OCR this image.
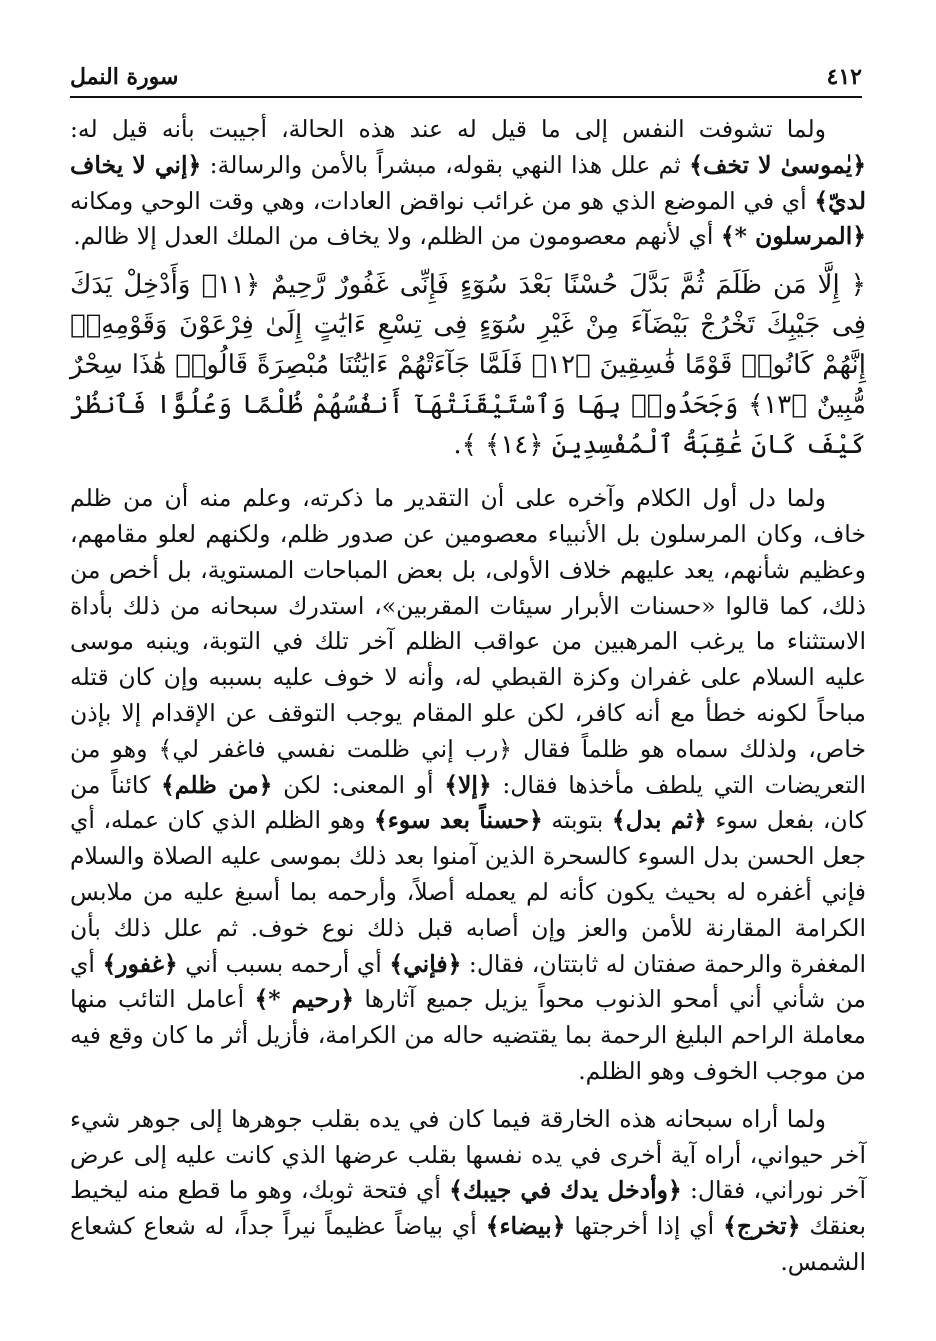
٤١٢
سورة النمل

ولما تشوفت النفس إلى ما قيل له عند هذه الحالة، أجيبت بأنه قيل له: ﴿يٰموسىٰ لا تخف﴾ ثم علل هذا النهي بقوله، مبشراً بالأمن والرسالة: ﴿إني لا يخاف لديّ﴾ أي في الموضع الذي هو من غرائب نواقض العادات، وهي وقت الوحي ومكانه ﴿المرسلون *﴾ أي لأنهم معصومون من الظلم، ولا يخاف من الملك العدل إلا ظالم.

﴿ إِلَّا مَن ظَلَمَ ثُمَّ بَدَّلَ حُسْنًا بَعْدَ سُوٓءٍ فَإِنِّى غَفُورٌ رَّحِيمٌ ﴿١١﴾ وَأَدْخِلْ يَدَكَ فِى جَيْبِكَ تَخْرُجْ بَيْضَآءَ مِنْ غَيْرِ سُوٓءٍ فِى تِسْعِ ءَايَٰتٍ إِلَىٰ فِرْعَوْنَ وَقَوْمِهِۦٓ إِنَّهُمْ كَانُوا۟ قَوْمًا فَٰسِقِينَ ﴿١٢﴾ فَلَمَّا جَآءَتْهُمْ ءَايَٰتُنَا مُبْصِرَةً قَالُوا۟ هَٰذَا سِحْرٌ مُّبِينٌ ﴿١٣﴾ وَجَحَدُوا۟ بِهَا وَٱسْتَيْقَنَتْهَآ أَنفُسُهُمْ ظُلْمًا وَعُلُوًّا فَٱنظُرْ كَيْفَ كَانَ عَٰقِبَةُ ٱلْمُفْسِدِينَ ﴿١٤﴾ ﴾.

ولما دل أول الكلام وآخره على أن التقدير ما ذكرته، وعلم منه أن من ظلم خاف، وكان المرسلون بل الأنبياء معصومين عن صدور ظلم، ولكنهم لعلو مقامهم، وعظيم شأنهم، يعد عليهم خلاف الأولى، بل بعض المباحات المستوية، بل أخص من ذلك، كما قالوا «حسنات الأبرار سيئات المقربين»، استدرك سبحانه من ذلك بأداة الاستثناء ما يرغب المرهبين من عواقب الظلم آخر تلك في التوبة، وينبه موسى عليه السلام على غفران وكزة القبطي له، وأنه لا خوف عليه بسببه وإن كان قتله مباحاً لكونه خطأ مع أنه كافر، لكن علو المقام يوجب التوقف عن الإقدام إلا بإذن خاص، ولذلك سماه هو ظلماً فقال ﴿رب إني ظلمت نفسي فاغفر لي﴾ وهو من التعريضات التي يلطف مأخذها فقال: ﴿إلا﴾ أو المعنى: لكن ﴿من ظلم﴾ كائناً من كان، بفعل سوء ﴿ثم بدل﴾ بتوبته ﴿حسناً بعد سوء﴾ وهو الظلم الذي كان عمله، أي جعل الحسن بدل السوء كالسحرة الذين آمنوا بعد ذلك بموسى عليه الصلاة والسلام فإني أغفره له بحيث يكون كأنه لم يعمله أصلاً، وأرحمه بما أسبغ عليه من ملابس الكرامة المقارنة للأمن والعز وإن أصابه قبل ذلك نوع خوف. ثم علل ذلك بأن المغفرة والرحمة صفتان له ثابتتان، فقال: ﴿فإني﴾ أي أرحمه بسبب أني ﴿غفور﴾ أي من شأني أني أمحو الذنوب محواً يزيل جميع آثارها ﴿رحيم *﴾ أعامل التائب منها معاملة الراحم البليغ الرحمة بما يقتضيه حاله من الكرامة، فأزيل أثر ما كان وقع فيه من موجب الخوف وهو الظلم.

ولما أراه سبحانه هذه الخارقة فيما كان في يده بقلب جوهرها إلى جوهر شيء آخر حيواني، أراه آية أخرى في يده نفسها بقلب عرضها الذي كانت عليه إلى عرض آخر نوراني، فقال: ﴿وأدخل يدك في جيبك﴾ أي فتحة ثوبك، وهو ما قطع منه ليخيط بعنقك ﴿تخرج﴾ أي إذا أخرجتها ﴿بيضاء﴾ أي بياضاً عظيماً نيراً جداً، له شعاع كشعاع الشمس.
